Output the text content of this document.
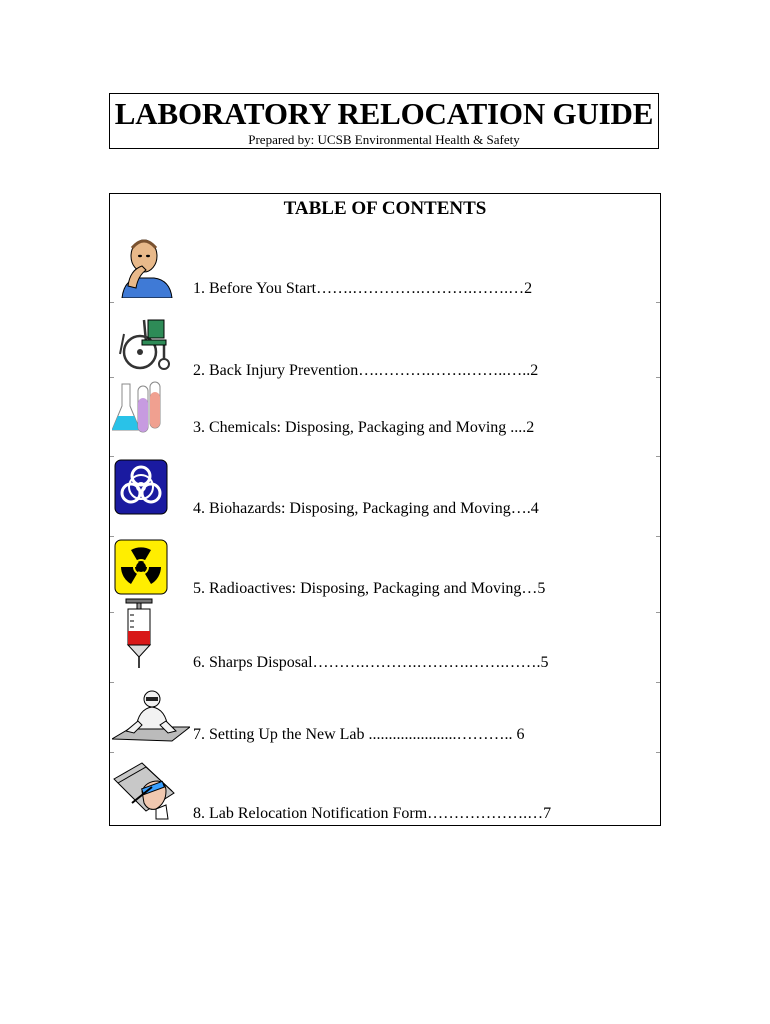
LABORATORY RELOCATION GUIDE
Prepared by: UCSB Environmental Health & Safety
TABLE OF CONTENTS
1. Before You Start…….………….……….…….…2
2. Back Injury Prevention….……….…….……..…..2
3. Chemicals: Disposing, Packaging and Moving ....2
4. Biohazards: Disposing, Packaging and Moving….4
5. Radioactives: Disposing, Packaging and Moving…5
6. Sharps Disposal……….……….……….…….…….5
7. Setting Up the New Lab ......................……….. 6
8. Lab Relocation Notification Form……………….…7
